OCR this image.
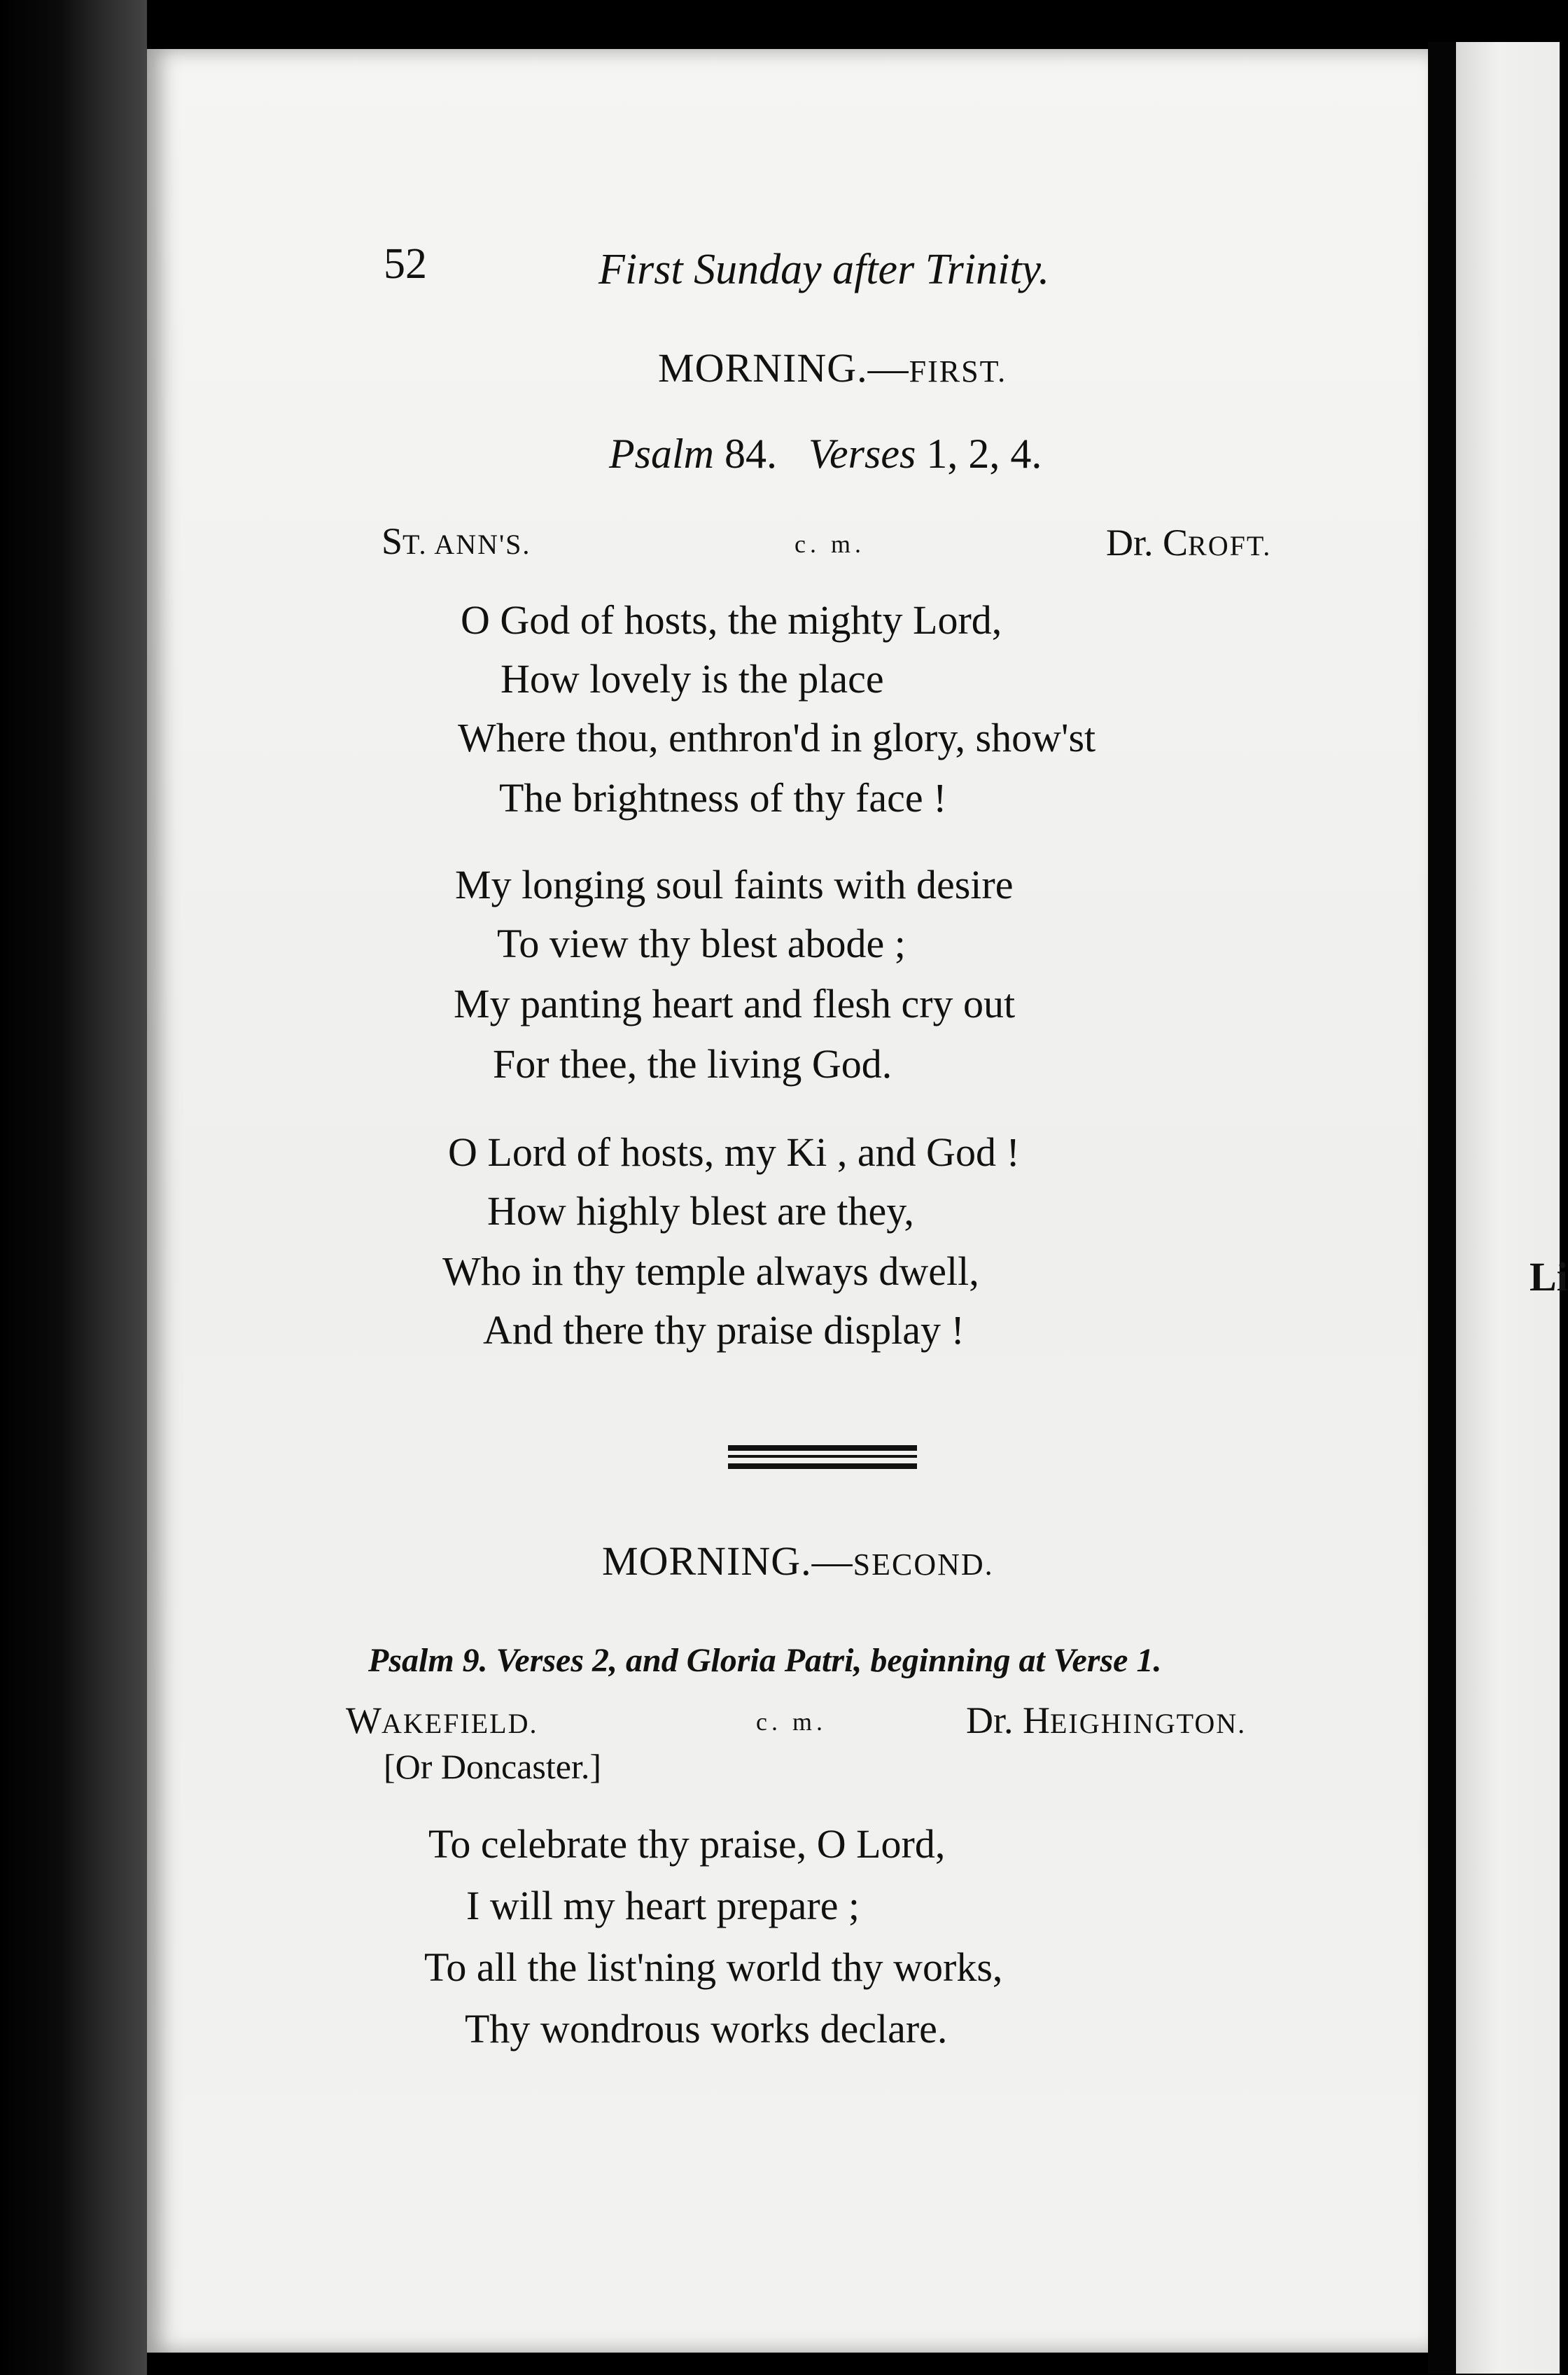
Li
52	First Sunday after Trinity.
MORNING.—FIRST.
Psalm 84. Verses 1, 2, 4.
ST. ANN'S.	c. m.	Dr. CROFT.
O God of hosts, the mighty Lord,
How lovely is the place
Where thou, enthron'd in glory, show'st
The brightness of thy face !
My longing soul faints with desire
To view thy blest abode ;
My panting heart and flesh cry out
For thee, the living God.
O Lord of hosts, my Ki , and God !
How highly blest are they,
Who in thy temple always dwell,
And there thy praise display !
MORNING.—SECOND.
Psalm 9. Verses 2, and Gloria Patri, beginning at Verse 1.
WAKEFIELD.
[Or Doncaster.]
c. m.	Dr. HEIGHINGTON.
To celebrate thy praise, O Lord,
I will my heart prepare ;
To all the list'ning world thy works,
Thy wondrous works declare.
